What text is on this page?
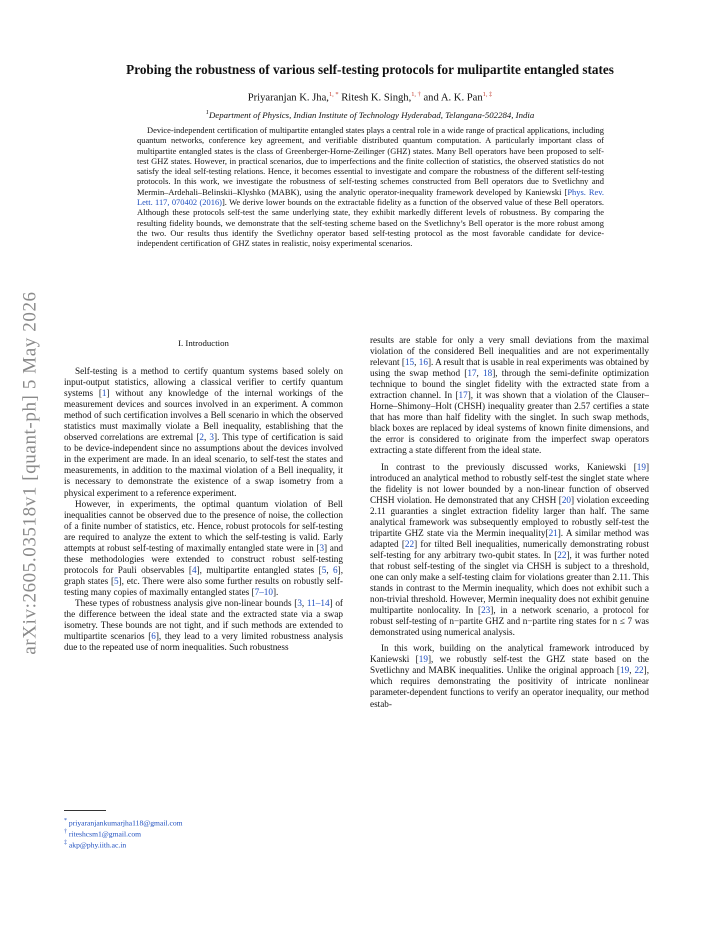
arXiv:2605.03518v1 [quant-ph] 5 May 2026
Probing the robustness of various self-testing protocols for mulipartite entangled states
Priyaranjan K. Jha,$^{1, *}$ Ritesh K. Singh,$^{1, \dagger}$ and A. K. Pan$^{1, \ddagger}$
$^1$Department of Physics, Indian Institute of Technology Hyderabad, Telangana-502284, India

Device-independent certification of multipartite entangled states plays a central role in a wide range of practical applications, including quantum networks, conference key agreement, and verifiable distributed quantum computation. A particularly important class of multipartite entangled states is the class of Greenberger-Horne-Zeilinger (GHZ) states. Many Bell operators have been proposed to self-test GHZ states. However, in practical scenarios, due to imperfections and the finite collection of statistics, the observed statistics do not satisfy the ideal self-testing relations. Hence, it becomes essential to investigate and compare the robustness of the different self-testing protocols. In this work, we investigate the robustness of self-testing schemes constructed from Bell operators due to Svetlichny and Mermin–Ardehali–Belinskii–Klyshko (MABK), using the analytic operator-inequality framework developed by Kaniewski [Phys. Rev. Lett. 117, 070402 (2016)]. We derive lower bounds on the extractable fidelity as a function of the observed value of these Bell operators. Although these protocols self-test the same underlying state, they exhibit markedly different levels of robustness. By comparing the resulting fidelity bounds, we demonstrate that the self-testing scheme based on the Svetlichny’s Bell operator is the more robust among the two. Our results thus identify the Svetlichny operator based self-testing protocol as the most favorable candidate for device-independent certification of GHZ states in realistic, noisy experimental scenarios.

I. Introduction

Self-testing is a method to certify quantum systems based solely on input-output statistics, allowing a classical verifier to certify quantum systems [1] without any knowledge of the internal workings of the measurement devices and sources involved in an experiment. A common method of such certification involves a Bell scenario in which the observed statistics must maximally violate a Bell inequality, establishing that the observed correlations are extremal [2, 3]. This type of certification is said to be device-independent since no assumptions about the devices involved in the experiment are made. In an ideal scenario, to self-test the states and measurements, in addition to the maximal violation of a Bell inequality, it is necessary to demonstrate the existence of a swap isometry from a physical experiment to a reference experiment.

However, in experiments, the optimal quantum violation of Bell inequalities cannot be observed due to the presence of noise, the collection of a finite number of statistics, etc. Hence, robust protocols for self-testing are required to analyze the extent to which the self-testing is valid. Early attempts at robust self-testing of maximally entangled state were in [3] and these methodologies were extended to construct robust self-testing protocols for Pauli observables [4], multipartite entangled states [5, 6], graph states [5], etc. There were also some further results on robustly self-testing many copies of maximally entangled states [7–10].

These types of robustness analysis give non-linear bounds [3, 11–14] of the difference between the ideal state and the extracted state via a swap isometry. These bounds are not tight, and if such methods are extended to multipartite scenarios [6], they lead to a very limited robustness analysis due to the repeated use of norm inequalities. Such robustness

results are stable for only a very small deviations from the maximal violation of the considered Bell inequalities and are not experimentally relevant [15, 16]. A result that is usable in real experiments was obtained by using the swap method [17, 18], through the semi-definite optimization technique to bound the singlet fidelity with the extracted state from a extraction channel. In [17], it was shown that a violation of the Clauser–Horne–Shimony–Holt (CHSH) inequality greater than 2.57 certifies a state that has more than half fidelity with the singlet. In such swap methods, black boxes are replaced by ideal systems of known finite dimensions, and the error is considered to originate from the imperfect swap operators extracting a state different from the ideal state.

In contrast to the previously discussed works, Kaniewski [19] introduced an analytical method to robustly self-test the singlet state where the fidelity is not lower bounded by a non-linear function of observed CHSH violation. He demonstrated that any CHSH [20] violation exceeding 2.11 guaranties a singlet extraction fidelity larger than half. The same analytical framework was subsequently employed to robustly self-test the tripartite GHZ state via the Mermin inequality[21]. A similar method was adapted [22] for tilted Bell inequalities, numerically demonstrating robust self-testing for any arbitrary two-qubit states. In [22], it was further noted that robust self-testing of the singlet via CHSH is subject to a threshold, one can only make a self-testing claim for violations greater than 2.11. This stands in contrast to the Mermin inequality, which does not exhibit such a non-trivial threshold. However, Mermin inequality does not exhibit genuine multipartite nonlocality. In [23], in a network scenario, a protocol for robust self-testing of n−partite GHZ and n−partite ring states for n ≤ 7 was demonstrated using numerical analysis.

In this work, building on the analytical framework introduced by Kaniewski [19], we robustly self-test the GHZ state based on the Svetlichny and MABK inequalities. Unlike the original approach [19, 22], which requires demonstrating the positivity of intricate nonlinear parameter-dependent functions to verify an operator inequality, our method estab-

* priyaranjankumarjha118@gmail.com
† riteshcsm1@gmail.com
‡ akp@phy.iith.ac.in
